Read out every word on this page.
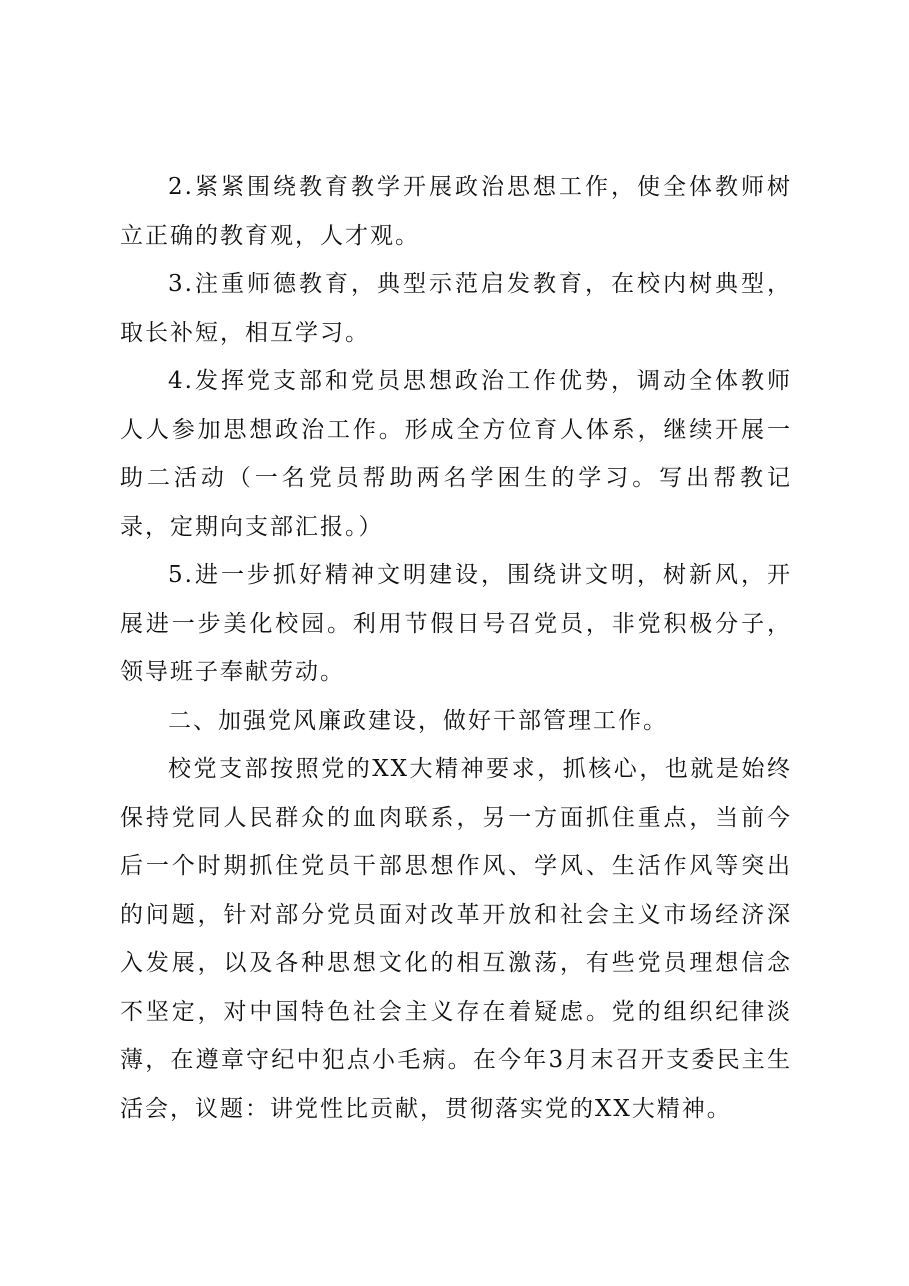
2.紧紧围绕教育教学开展政治思想工作，使全体教师树立正确的教育观，人才观。

3.注重师德教育，典型示范启发教育，在校内树典型，取长补短，相互学习。

4.发挥党支部和党员思想政治工作优势，调动全体教师人人参加思想政治工作。形成全方位育人体系，继续开展一助二活动（一名党员帮助两名学困生的学习。写出帮教记录，定期向支部汇报。）

5.进一步抓好精神文明建设，围绕讲文明，树新风，开展进一步美化校园。利用节假日号召党员，非党积极分子，领导班子奉献劳动。

二、加强党风廉政建设，做好干部管理工作。

校党支部按照党的XX大精神要求，抓核心，也就是始终保持党同人民群众的血肉联系，另一方面抓住重点，当前今后一个时期抓住党员干部思想作风、学风、生活作风等突出的问题，针对部分党员面对改革开放和社会主义市场经济深入发展，以及各种思想文化的相互激荡，有些党员理想信念不坚定，对中国特色社会主义存在着疑虑。党的组织纪律淡薄，在遵章守纪中犯点小毛病。在今年3月末召开支委民主生活会，议题：讲党性比贡献，贯彻落实党的XX大精神。
